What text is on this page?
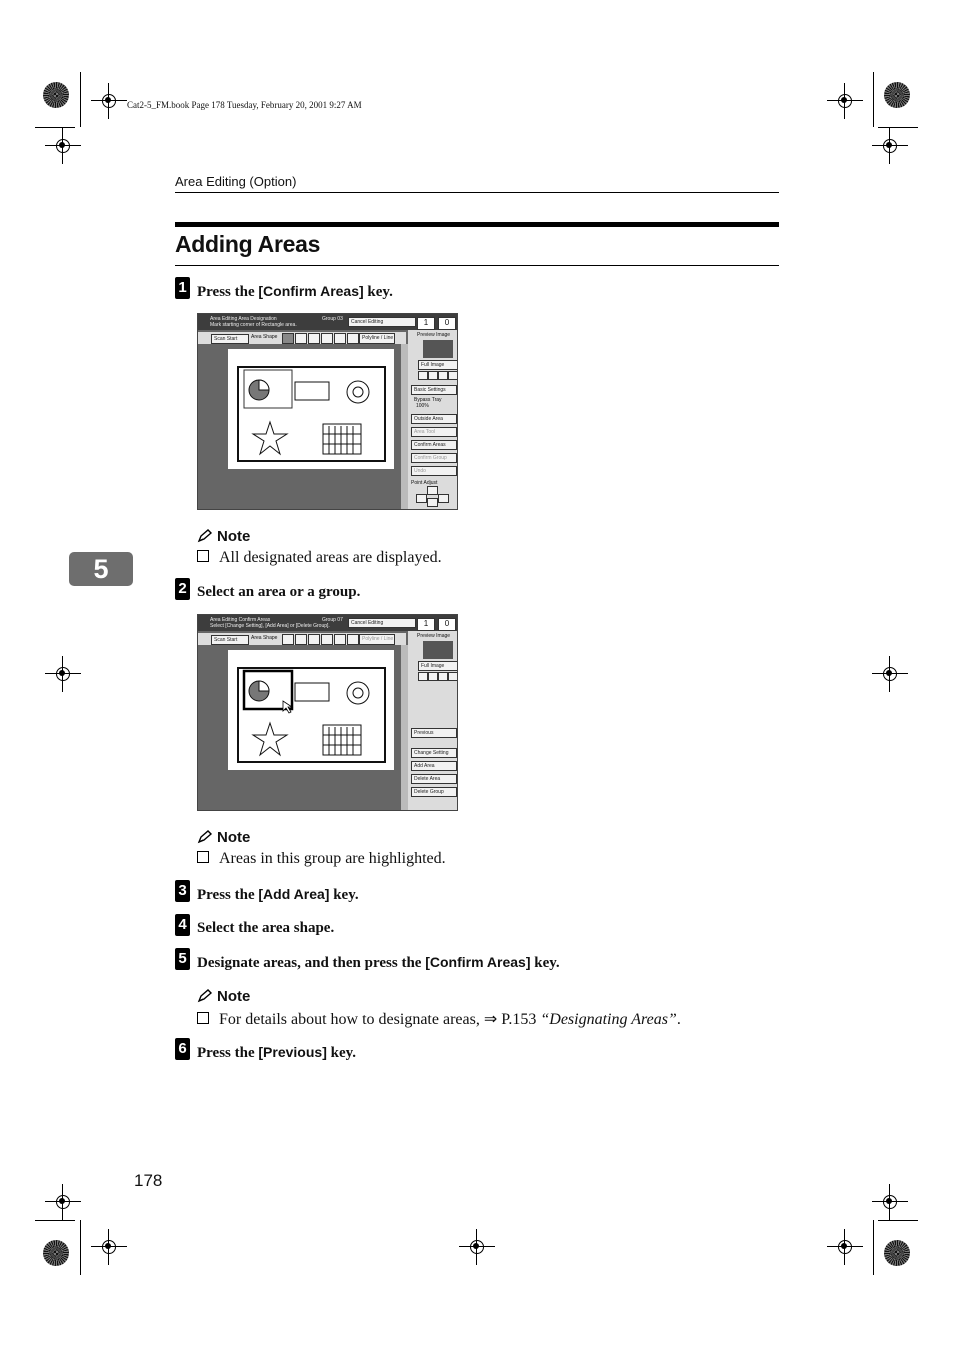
Cat2-5_FM.book Page 178 Tuesday, February 20, 2001 9:27 AM
Area Editing (Option)
Adding Areas
5
1 Press the [Confirm Areas] key.
Area Editing Area Designation
Mark starting corner of Rectangle area.
Group 03	Cancel Editing	1	0
Scan Start	Area Shape	Polyline / Line	Preview Image
Full Image
Basic Settings
Bypass Tray
100%
Outside Area
Area Tool
Confirm Areas
Confirm Group
Undo
Point Adjust
Note
All designated areas are displayed.
2 Select an area or a group.
Area Editing Confirm Areas
Select [Change Setting], [Add Area] or [Delete Group].
Group 07	Cancel Editing	1	0
Scan Start	Area Shape	Polyline / Line	Preview Image
Full Image
Previous
Change Setting
Add Area
Delete Area
Delete Group
Note
Areas in this group are highlighted.
3 Press the [Add Area] key.
4 Select the area shape.
5 Designate areas, and then press the [Confirm Areas] key.
Note
For details about how to designate areas, ⇒ P.153 “Designating Areas”.
6 Press the [Previous] key.
178
